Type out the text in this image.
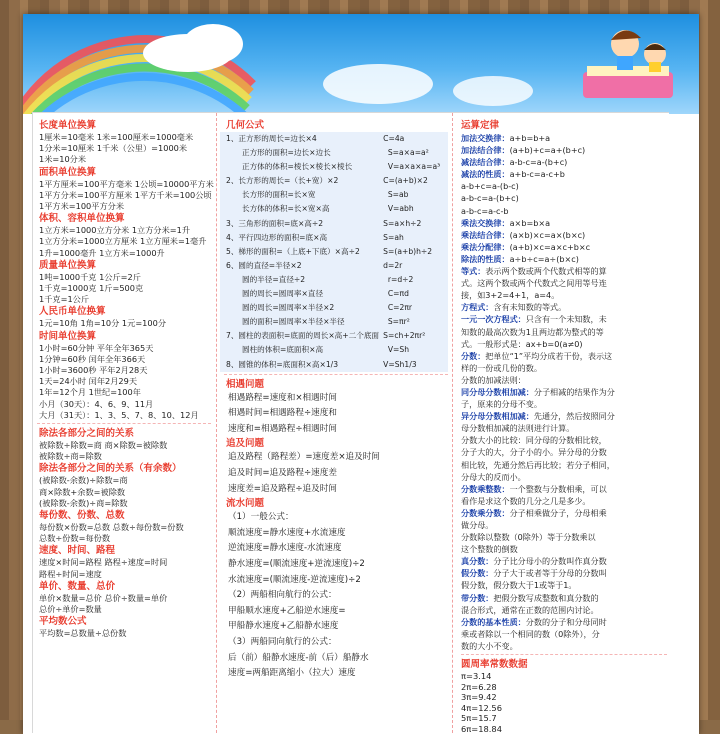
长度单位换算
1厘米=10毫米 1米=100厘米=1000毫米
1分米=10厘米 1千米（公里）=1000米
1米=10分米
面积单位换算
1平方厘米=100平方毫米 1公顷=10000平方米
1平方分米=100平方厘米 1平方千米=100公顷
1平方米=100平方分米
体积、容积单位换算
1立方米=1000立方分米 1立方分米=1升
1立方分米=1000立方厘米 1立方厘米=1毫升
1升=1000毫升 1立方米=1000升
质量单位换算
1吨=1000千克 1公斤=2斤
1千克=1000克 1斤=500克
1千克=1公斤
人民币单位换算
1元=10角 1角=10分 1元=100分
时间单位换算
1小时=60分钟 平年全年365天
1分钟=60秒 闰年全年366天
1小时=3600秒 平年2月28天
1天=24小时 闰年2月29天
1年=12个月 1世纪=100年
小月（30天）：4、6、9、11月
大月（31天）：1、3、5、7、8、10、12月
除法各部分之间的关系
被除数÷除数=商 商×除数=被除数
被除数÷商=除数
除法各部分之间的关系（有余数）
(被除数-余数)÷除数=商
商×除数+余数=被除数
(被除数-余数)÷商=除数
每份数、份数、总数
每份数×份数=总数 总数÷每份数=份数
总数÷份数=每份数
速度、时间、路程
速度×时间=路程 路程÷速度=时间
路程÷时间=速度
单价、数量、总价
单价×数量=总价 总价÷数量=单价
总价÷单价=数量
平均数公式
平均数=总数量÷总份数
几何公式
1、正方形的周长=边长×4	C=4a
正方形的面积=边长×边长	S=a×a=a²
正方体的体积=棱长×棱长×棱长	V=a×a×a=a³
2、长方形的周长=（长+宽）×2	C=(a+b)×2
长方形的面积=长×宽	S=ab
长方体的体积=长×宽×高	V=abh
3、三角形的面积=底×高÷2	S=a×h÷2
4、平行四边形的面积=底×高	S=ah
5、梯形的面积=（上底+下底）×高÷2	S=(a+b)h÷2
6、圆的直径=半径×2	d=2r
圆的半径=直径÷2	r=d÷2
圆的周长=圆周率×直径	C=πd
圆的周长=圆周率×半径×2	C=2πr
圆的面积=圆周率×半径×半径	S=πr²
7、圆柱的表面积=底面的周长×高+二个底面 S=ch+2πr²
圆柱的体积=底面积×高	V=Sh
8、圆锥的体积=底面积×高×1/3	V=Sh1/3
相遇问题
相遇路程=速度和×相遇时间
相遇时间=相遇路程÷速度和
速度和=相遇路程÷相遇时间
追及问题
追及路程（路程差）=速度差×追及时间
追及时间=追及路程÷速度差
速度差=追及路程÷追及时间
流水问题
（1）一般公式：
顺流速度=静水速度+水流速度
逆流速度=静水速度-水流速度
静水速度=(顺流速度+逆流速度)÷2
水流速度=(顺流速度-逆流速度)÷2
（2）两船相向航行的公式：
甲船顺水速度+乙船逆水速度=
甲船静水速度+乙船静水速度
（3）两船同向航行的公式：
后（前）船静水速度-前（后）船静水
速度=两船距离缩小（拉大）速度
运算定律
加法交换律：a+b=b+a
加法结合律：(a+b)+c=a+(b+c)
减法结合律：a-b-c=a-(b+c)
减法的性质：a+b-c=a-c+b
a-b+c=a-(b-c)
a-b-c=a-(b+c)
a-b-c=a-c-b
乘法交换律：a×b=b×a
乘法结合律：(a×b)×c=a×(b×c)
乘法分配律：(a+b)×c=a×c+b×c
除法的性质：a÷b÷c=a÷(b×c)
等式：表示两个数或两个代数式相等的算
式。这两个数或两个代数式之间用等号连
接，如3+2=4+1，a=4。
方程式：含有未知数的等式。
一元一次方程式：只含有一个未知数，未
知数的最高次数为1且两边都为整式的等
式。一般形式是：ax+b=0(a≠0)
分数：把单位“1”平均分成若干份，表示这
样的一份或几份的数。
分数的加减法则：
同分母分数相加减：分子相减的结果作为分
子，原来的分母不变。
异分母分数相加减：先通分，然后按照同分
母分数相加减的法则进行计算。
分数大小的比较：同分母的分数相比较，
分子大的大，分子小的小。异分母的分数
相比较，先通分然后再比较；若分子相同，
分母大的反而小。
分数乘整数：一个整数与分数相乘，可以
看作是求这个数的几分之几是多少。
分数乘分数：分子相乘做分子，分母相乘
做分母。
分数除以整数（0除外）等于分数乘以
这个整数的倒数
真分数：分子比分母小的分数叫作真分数
假分数：分子大于或者等于分母的分数叫
假分数，假分数大于1或等于1。
带分数：把假分数写成整数和真分数的
混合形式，通常在正数的范围内讨论。
分数的基本性质：分数的分子和分母同时
乘或者除以一个相同的数（0除外），分
数的大小不变。
圆周率常数数据
π=3.14
2π=6.28
3π=9.42
4π=12.56
5π=15.7
6π=18.84
